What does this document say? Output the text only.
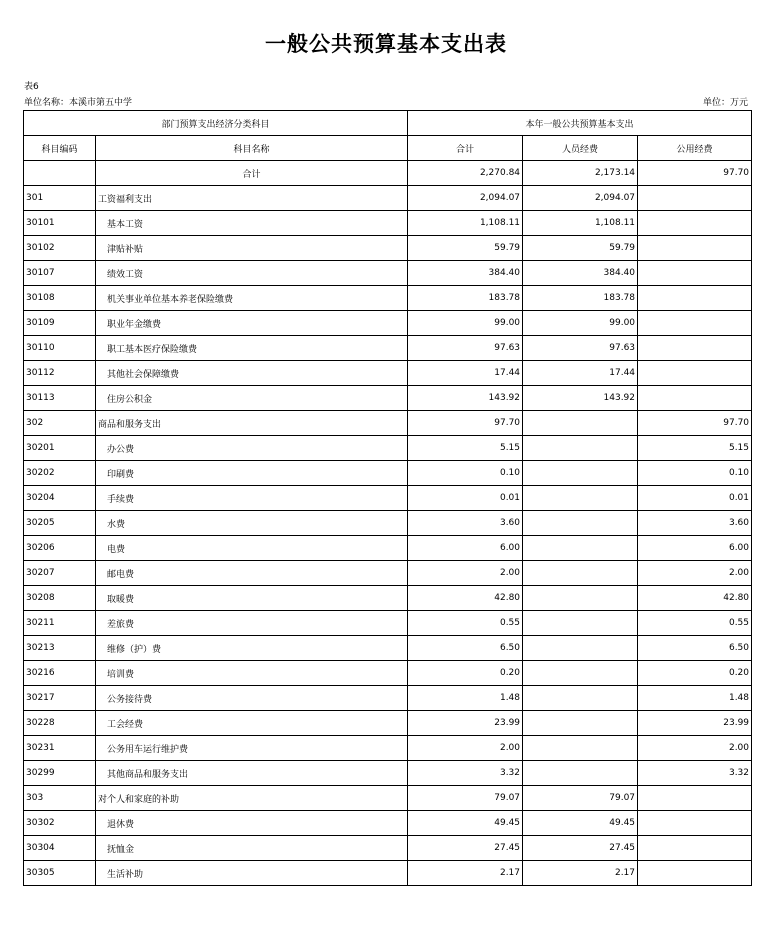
一般公共预算基本支出表
表6
单位名称：本溪市第五中学	单位：万元
部门预算支出经济分类科目		本年一般公共预算基本支出		
科目编码	科目名称	合计	人员经费	公用经费
	合计	2,270.84	2,173.14	97.70
301	工资福利支出	2,094.07	2,094.07	
30101	基本工资	1,108.11	1,108.11	
30102	津贴补贴	59.79	59.79	
30107	绩效工资	384.40	384.40	
30108	机关事业单位基本养老保险缴费	183.78	183.78	
30109	职业年金缴费	99.00	99.00	
30110	职工基本医疗保险缴费	97.63	97.63	
30112	其他社会保障缴费	17.44	17.44	
30113	住房公积金	143.92	143.92	
302	商品和服务支出	97.70		97.70
30201	办公费	5.15		5.15
30202	印刷费	0.10		0.10
30204	手续费	0.01		0.01
30205	水费	3.60		3.60
30206	电费	6.00		6.00
30207	邮电费	2.00		2.00
30208	取暖费	42.80		42.80
30211	差旅费	0.55		0.55
30213	维修（护）费	6.50		6.50
30216	培训费	0.20		0.20
30217	公务接待费	1.48		1.48
30228	工会经费	23.99		23.99
30231	公务用车运行维护费	2.00		2.00
30299	其他商品和服务支出	3.32		3.32
303	对个人和家庭的补助	79.07	79.07	
30302	退休费	49.45	49.45	
30304	抚恤金	27.45	27.45	
30305	生活补助	2.17	2.17	
